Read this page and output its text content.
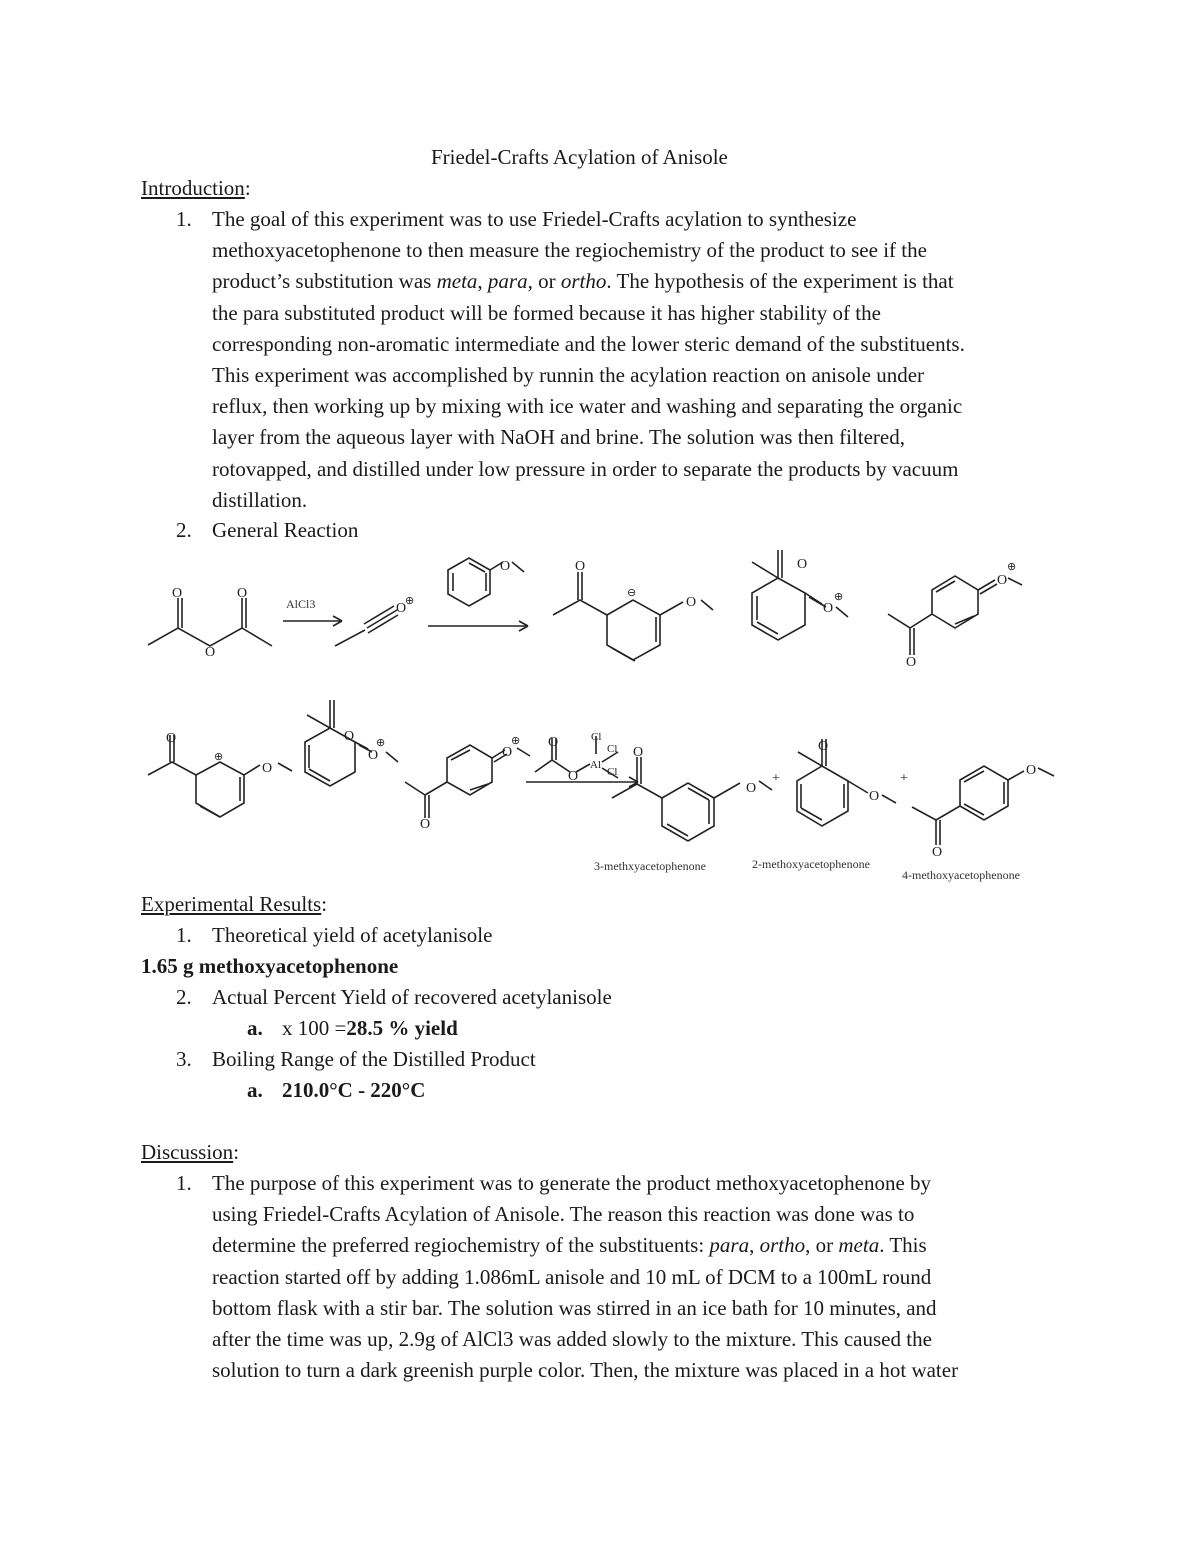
Friedel-Crafts Acylation of Anisole
Introduction:
1. The goal of this experiment was to use Friedel-Crafts acylation to synthesize
methoxyacetophenone to then measure the regiochemistry of the product to see if the
product’s substitution was meta, para, or ortho. The hypothesis of the experiment is that
the para substituted product will be formed because it has higher stability of the
corresponding non-aromatic intermediate and the lower steric demand of the substituents.
This experiment was accomplished by runnin the acylation reaction on anisole under
reflux, then working up by mixing with ice water and washing and separating the organic
layer from the aqueous layer with NaOH and brine. The solution was then filtered,
rotovapped, and distilled under low pressure in order to separate the products by vacuum
distillation.
2. General Reaction
O	O
O
AlCl3	O
⊕
O	O
⊖
O
O
O
⊕
O
⊕
O
O
⊕
O
O
O
⊕
O
O
⊕ O
O
Al
Cl
Cl
Cl
O
O
+
O
O
+
O
O
3-methxyacetophenone	2-methoxyacetophenone
4-methoxyacetophenone
Experimental Results:
1. Theoretical yield of acetylanisole
1.65 g methoxyacetophenone
2. Actual Percent Yield of recovered acetylanisole
a. x 100 =28.5 % yield
3. Boiling Range of the Distilled Product
a. 210.0°C - 220°C
Discussion:
1. The purpose of this experiment was to generate the product methoxyacetophenone by
using Friedel-Crafts Acylation of Anisole. The reason this reaction was done was to
determine the preferred regiochemistry of the substituents: para, ortho, or meta. This
reaction started off by adding 1.086mL anisole and 10 mL of DCM to a 100mL round
bottom flask with a stir bar. The solution was stirred in an ice bath for 10 minutes, and
after the time was up, 2.9g of AlCl3 was added slowly to the mixture. This caused the
solution to turn a dark greenish purple color. Then, the mixture was placed in a hot water
